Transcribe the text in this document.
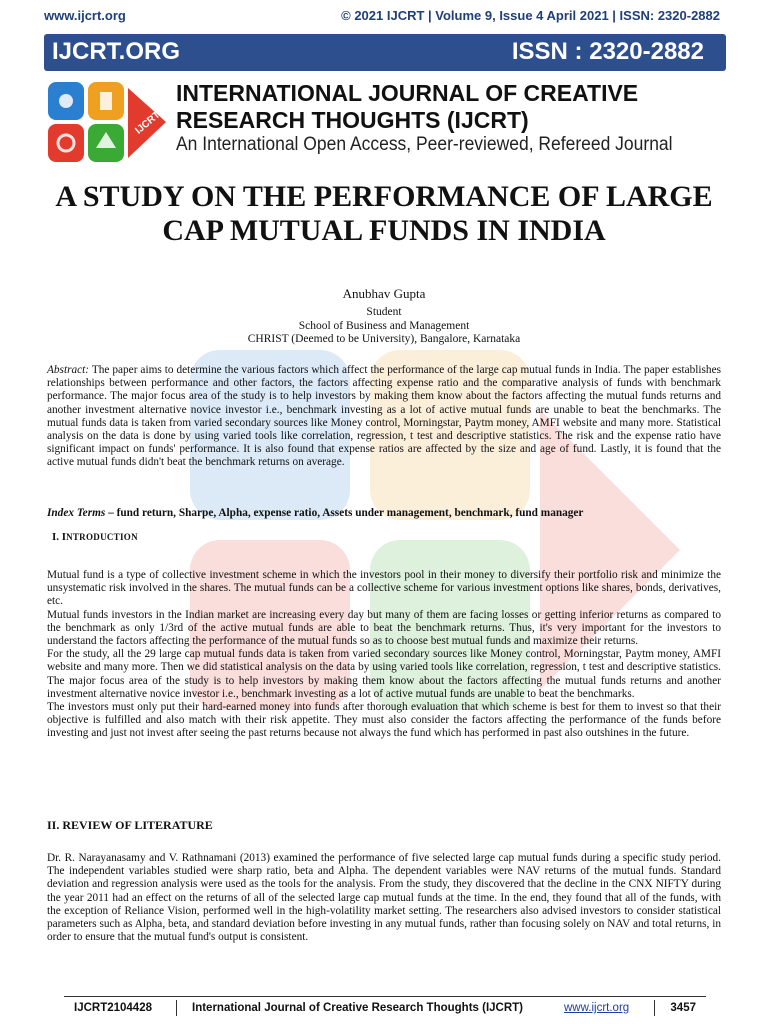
www.ijcrt.org	© 2021 IJCRT | Volume 9, Issue 4 April 2021 | ISSN: 2320-2882
IJCRT.ORG	ISSN : 2320-2882
IJCRT
INTERNATIONAL JOURNAL OF CREATIVE RESEARCH THOUGHTS (IJCRT)
An International Open Access, Peer-reviewed, Refereed Journal
A STUDY ON THE PERFORMANCE OF LARGE CAP MUTUAL FUNDS IN INDIA
Anubhav Gupta
Student
School of Business and Management
CHRIST (Deemed to be University), Bangalore, Karnataka
Abstract: The paper aims to determine the various factors which affect the performance of the large cap mutual funds in India. The paper establishes relationships between performance and other factors, the factors affecting expense ratio and the comparative analysis of funds with benchmark performance. The major focus area of the study is to help investors by making them know about the factors affecting the mutual funds returns and another investment alternative novice investor i.e., benchmark investing as a lot of active mutual funds are unable to beat the benchmarks. The mutual funds data is taken from varied secondary sources like Money control, Morningstar, Paytm money, AMFI website and many more. Statistical analysis on the data is done by using varied tools like correlation, regression, t test and descriptive statistics. The risk and the expense ratio have significant impact on funds' performance. It is also found that expense ratios are affected by the size and age of fund. Lastly, it is found that the active mutual funds didn't beat the benchmark returns on average.
Index Terms – fund return, Sharpe, Alpha, expense ratio, Assets under management, benchmark, fund manager
I. INTRODUCTION

Mutual fund is a type of collective investment scheme in which the investors pool in their money to diversify their portfolio risk and minimize the unsystematic risk involved in the shares. The mutual funds can be a collective scheme for various investment options like shares, bonds, derivatives, etc.

Mutual funds investors in the Indian market are increasing every day but many of them are facing losses or getting inferior returns as compared to the benchmark as only 1/3rd of the active mutual funds are able to beat the benchmark returns. Thus, it's very important for the investors to understand the factors affecting the performance of the mutual funds so as to choose best mutual funds and maximize their returns.

For the study, all the 29 large cap mutual funds data is taken from varied secondary sources like Money control, Morningstar, Paytm money, AMFI website and many more. Then we did statistical analysis on the data by using varied tools like correlation, regression, t test and descriptive statistics. The major focus area of the study is to help investors by making them know about the factors affecting the mutual funds returns and another investment alternative novice investor i.e., benchmark investing as a lot of active mutual funds are unable to beat the benchmarks.

The investors must only put their hard-earned money into funds after thorough evaluation that which scheme is best for them to invest so that their objective is fulfilled and also match with their risk appetite. They must also consider the factors affecting the performance of the funds before investing and just not invest after seeing the past returns because not always the fund which has performed in past also outshines in the future.

II. REVIEW OF LITERATURE

Dr. R. Narayanasamy and V. Rathnamani (2013) examined the performance of five selected large cap mutual funds during a specific study period. The independent variables studied were sharp ratio, beta and Alpha. The dependent variables were NAV returns of the mutual funds. Standard deviation and regression analysis were used as the tools for the analysis. From the study, they discovered that the decline in the CNX NIFTY during the year 2011 had an effect on the returns of all of the selected large cap mutual funds at the time. In the end, they found that all of the funds, with the exception of Reliance Vision, performed well in the high-volatility market setting. The researchers also advised investors to consider statistical parameters such as Alpha, beta, and standard deviation before investing in any mutual funds, rather than focusing solely on NAV and total returns, in order to ensure that the mutual fund's output is consistent.

IJCRT2104428	International Journal of Creative Research Thoughts (IJCRT)	www.ijcrt.org	3457
